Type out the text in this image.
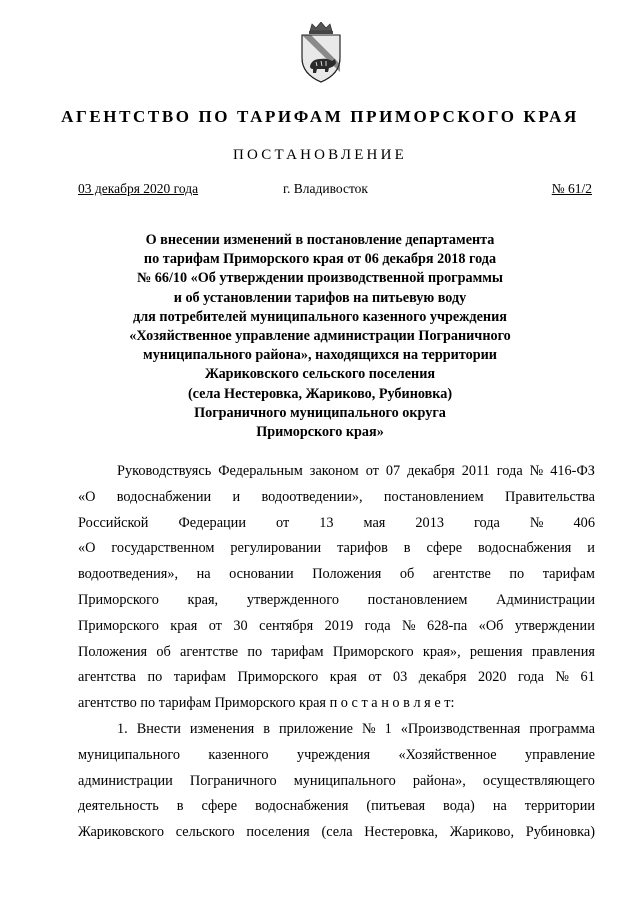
АГЕНТСТВО ПО ТАРИФАМ ПРИМОРСКОГО КРАЯ
ПОСТАНОВЛЕНИЕ
03 декабря 2020 года	г. Владивосток	№ 61/2
О внесении изменений в постановление департамента
по тарифам Приморского края от 06 декабря 2018 года
№ 66/10 «Об утверждении производственной программы
и об установлении тарифов на питьевую воду
для потребителей муниципального казенного учреждения
«Хозяйственное управление администрации Пограничного
муниципального района», находящихся на территории
Жариковского сельского поселения
(села Нестеровка, Жариково, Рубиновка)
Пограничного муниципального округа
Приморского края»
Руководствуясь Федеральным законом от 07 декабря 2011 года № 416-ФЗ
«О водоснабжении и водоотведении», постановлением Правительства
Российской Федерации от 13 мая 2013 года № 406
«О государственном регулировании тарифов в сфере водоснабжения и
водоотведения», на основании Положения об агентстве по тарифам
Приморского края, утвержденного постановлением Администрации
Приморского края от 30 сентября 2019 года № 628-па «Об утверждении
Положения об агентстве по тарифам Приморского края», решения правления
агентства по тарифам Приморского края от 03 декабря 2020 года № 61
агентство по тарифам Приморского края п о с т а н о в л я е т:
1. Внести изменения в приложение № 1 «Производственная программа
муниципального казенного учреждения «Хозяйственное управление
администрации Пограничного муниципального района», осуществляющего
деятельность в сфере водоснабжения (питьевая вода) на территории
Жариковского сельского поселения (села Нестеровка, Жариково, Рубиновка)
